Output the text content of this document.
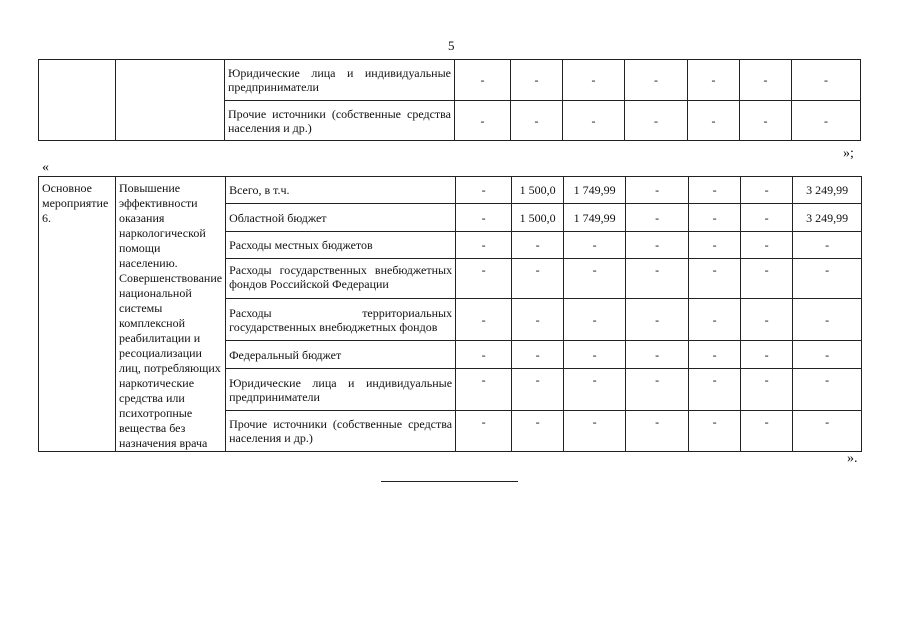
5
		Юридические лица и индивидуальные предприниматели	-	-	-	-	-	-	-
		Прочие источники (собственные средства населения и др.)	-	-	-	-	-	-	-
»;
«
Основное мероприятие 6.	Повышение эффективности оказания наркологической помощи населению. Совершенствование национальной системы комплексной реабилитации и ресоциализации лиц, потребляющих наркотические средства или психотропные вещества без назначения врача	Всего, в т.ч.	-	1 500,0	1 749,99	-	-	-	3 249,99
		Областной бюджет	-	1 500,0	1 749,99	-	-	-	3 249,99
		Расходы местных бюджетов	-	-	-	-	-	-	-
		Расходы государственных внебюджетных фондов Российской Федерации	-	-	-	-	-	-	-
		Расходы территориальных государственных внебюджетных фондов	-	-	-	-	-	-	-
		Федеральный бюджет	-	-	-	-	-	-	-
		Юридические лица и индивидуальные предприниматели	-	-	-	-	-	-	-
		Прочие источники (собственные средства населения и др.)	-	-	-	-	-	-	-
».
